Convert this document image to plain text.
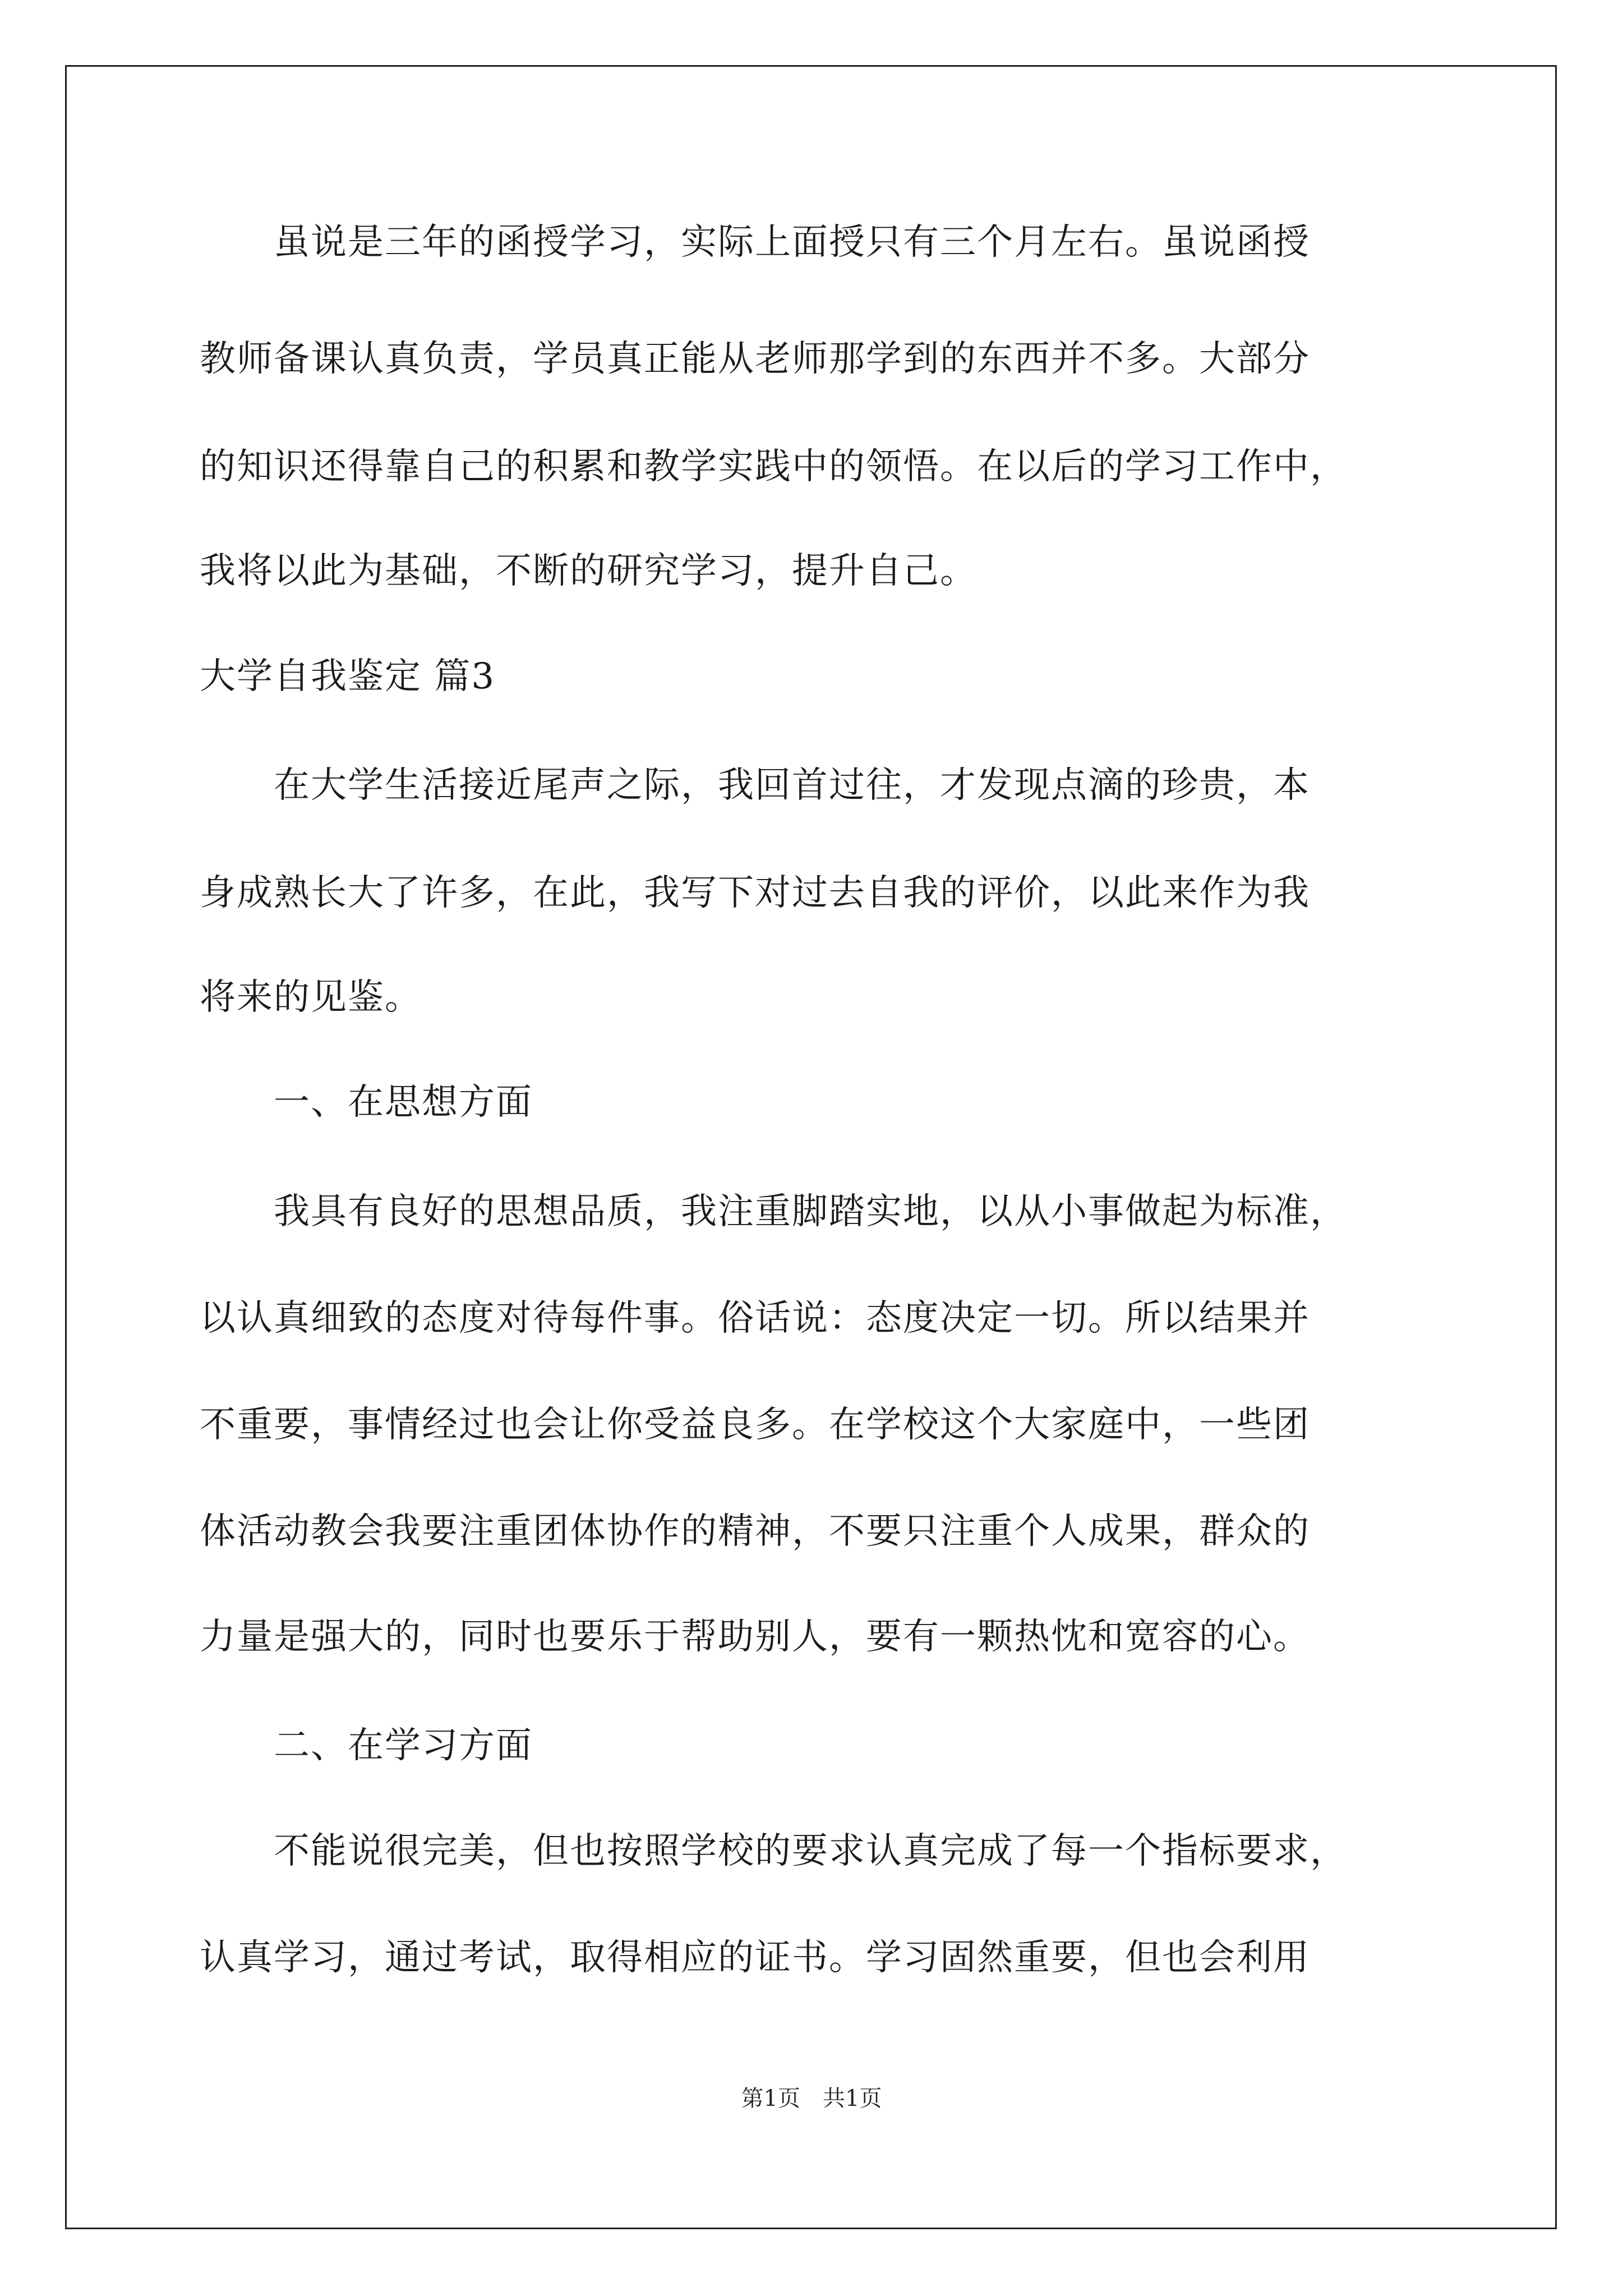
　　虽说是三年的函授学习，实际上面授只有三个月左右。虽说函授
教师备课认真负责，学员真正能从老师那学到的东西并不多。大部分
的知识还得靠自己的积累和教学实践中的领悟。在以后的学习工作中，
我将以此为基础，不断的研究学习，提升自己。
大学自我鉴定 篇3
　　在大学生活接近尾声之际，我回首过往，才发现点滴的珍贵，本
身成熟长大了许多，在此，我写下对过去自我的评价，以此来作为我
将来的见鉴。
　　一、在思想方面
　　我具有良好的思想品质，我注重脚踏实地，以从小事做起为标准，
以认真细致的态度对待每件事。俗话说：态度决定一切。所以结果并
不重要，事情经过也会让你受益良多。在学校这个大家庭中，一些团
体活动教会我要注重团体协作的精神，不要只注重个人成果，群众的
力量是强大的，同时也要乐于帮助别人，要有一颗热忱和宽容的心。
　　二、在学习方面
　　不能说很完美，但也按照学校的要求认真完成了每一个指标要求，
认真学习，通过考试，取得相应的证书。学习固然重要，但也会利用
第1页　共1页
